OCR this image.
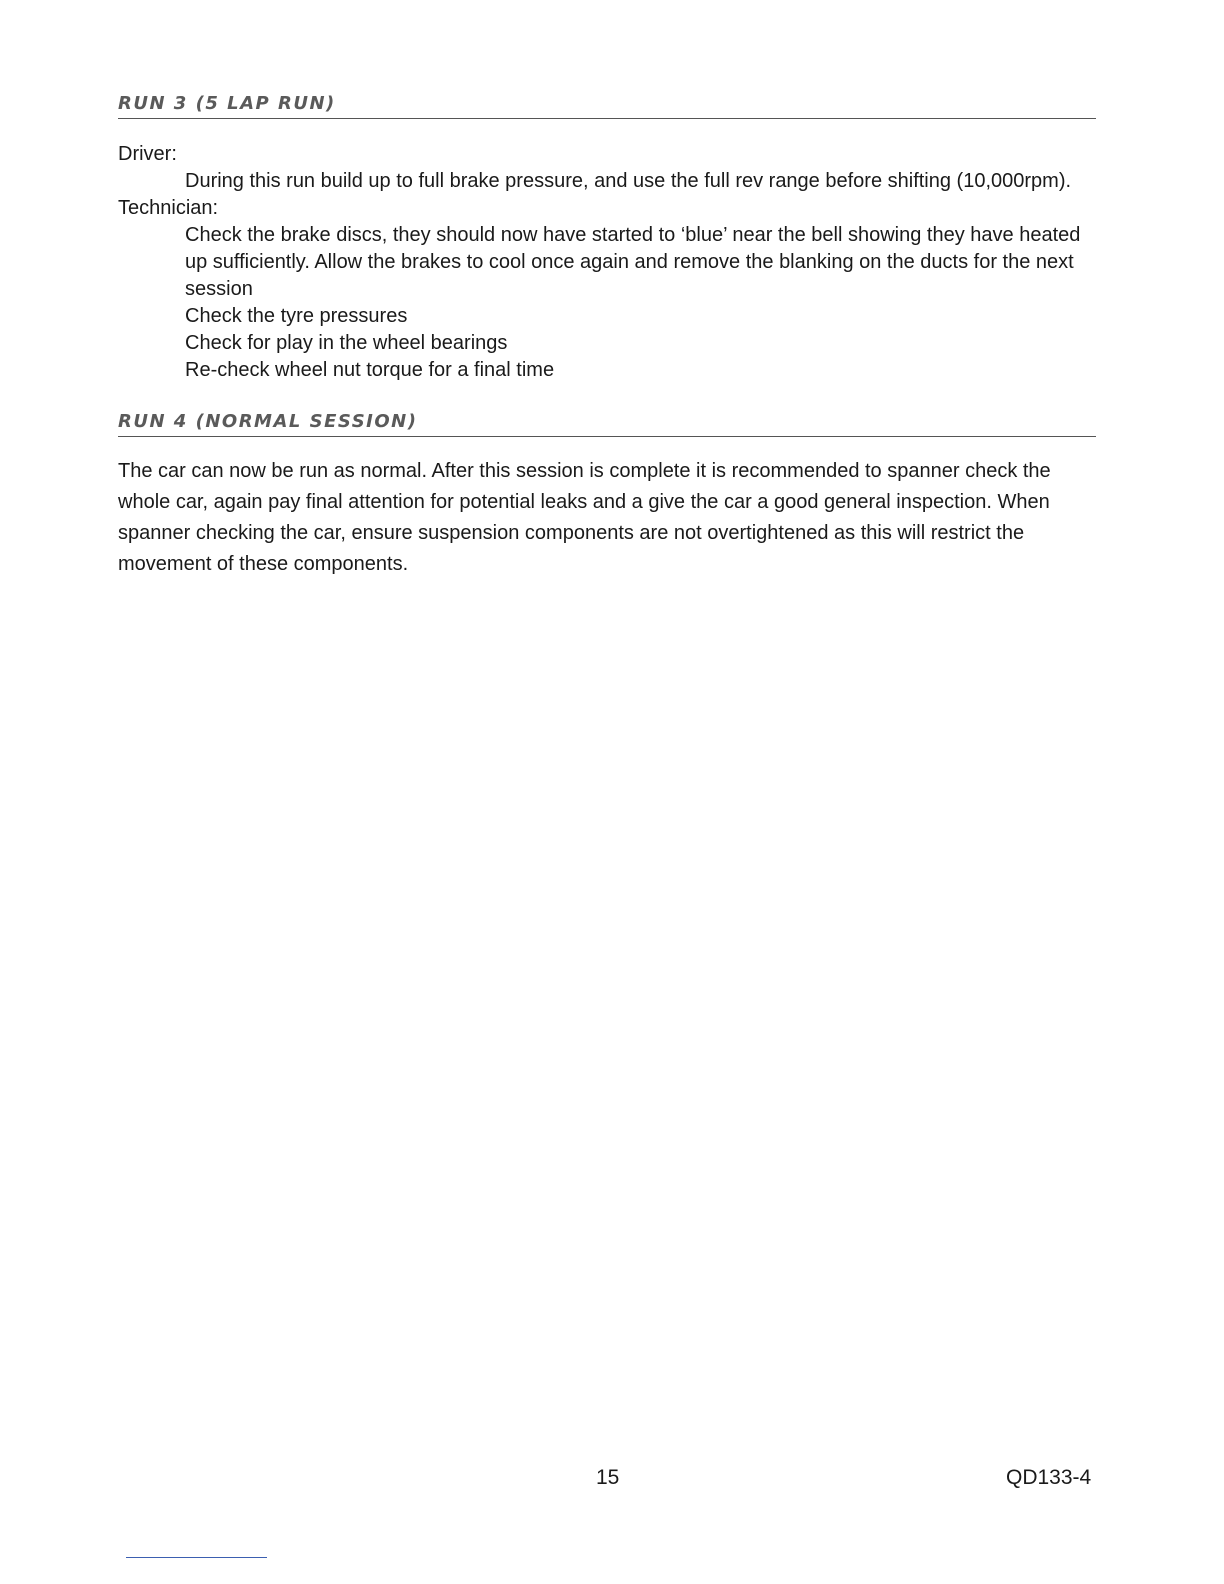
RUN 3 (5 LAP RUN)
Driver:
During this run build up to full brake pressure, and use the full rev range before shifting (10,000rpm).
Technician:
Check the brake discs, they should now have started to ‘blue’ near the bell showing they have heated up sufficiently. Allow the brakes to cool once again and remove the blanking on the ducts for the next session
Check the tyre pressures
Check for play in the wheel bearings
Re-check wheel nut torque for a final time
RUN 4 (NORMAL SESSION)

The car can now be run as normal. After this session is complete it is recommended to spanner check the whole car, again pay final attention for potential leaks and a give the car a good general inspection. When spanner checking the car, ensure suspension components are not overtightened as this will restrict the movement of these components.

15	QD133-4
